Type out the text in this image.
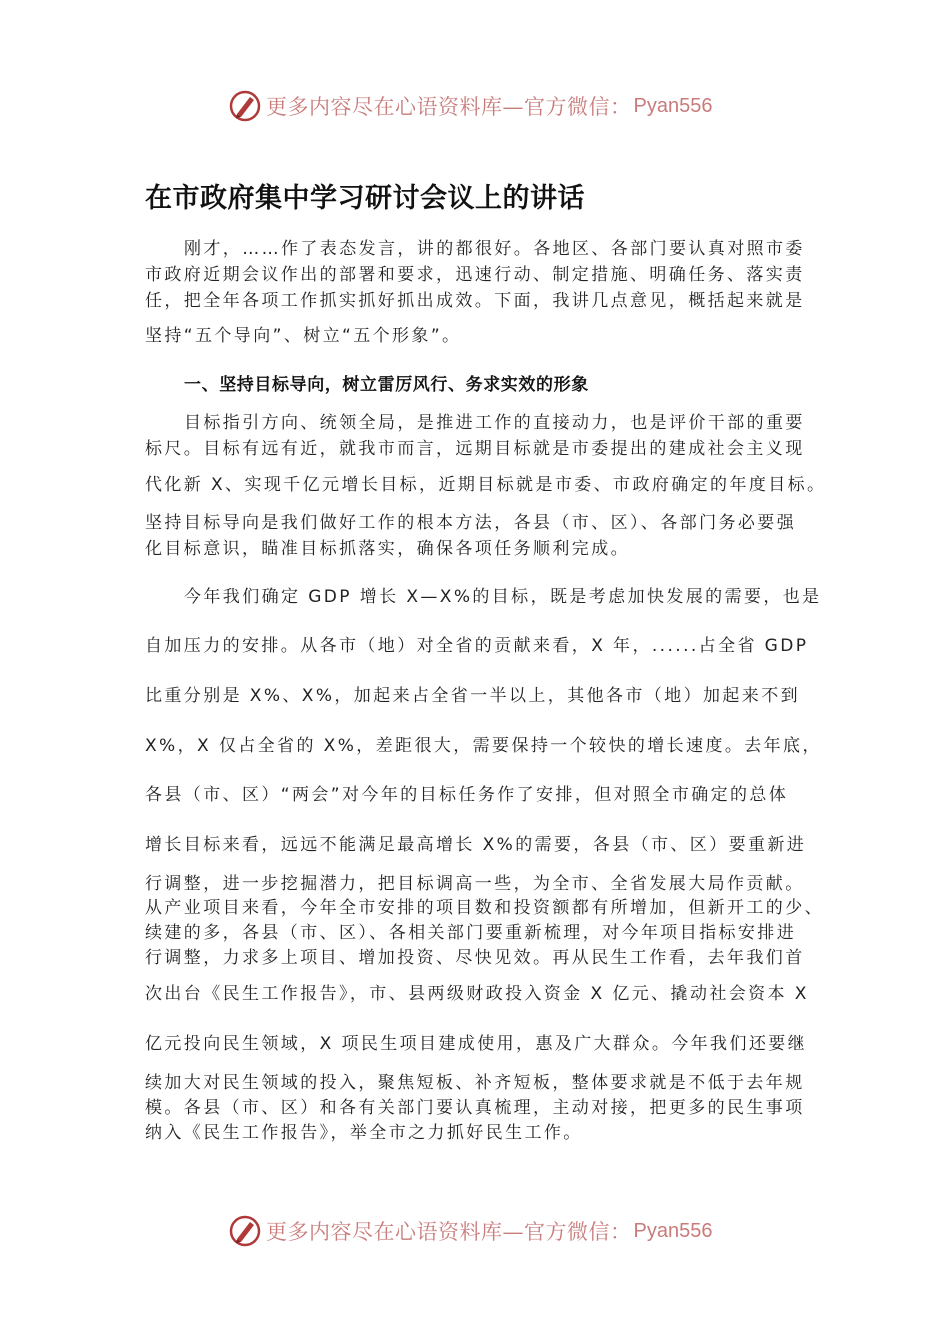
更多内容尽在心语资料库—官方微信： Pyan556
在市政府集中学习研讨会议上的讲话
刚才，……作了表态发言，讲的都很好。各地区、各部门要认真对照市委
市政府近期会议作出的部署和要求，迅速行动、制定措施、明确任务、落实责
任，把全年各项工作抓实抓好抓出成效。下面，我讲几点意见，概括起来就是
坚持“五个导向”、树立“五个形象”。
一、坚持目标导向，树立雷厉风行、务求实效的形象
目标指引方向、统领全局，是推进工作的直接动力，也是评价干部的重要
标尺。目标有远有近，就我市而言，远期目标就是市委提出的建成社会主义现
代化新 X、实现千亿元增长目标，近期目标就是市委、市政府确定的年度目标。
坚持目标导向是我们做好工作的根本方法，各县（市、区）、各部门务必要强
化目标意识，瞄准目标抓落实，确保各项任务顺利完成。
今年我们确定 GDP 增长 X—X%的目标，既是考虑加快发展的需要，也是
自加压力的安排。从各市（地）对全省的贡献来看，X 年，......占全省 GDP
比重分别是 X%、X%，加起来占全省一半以上，其他各市（地）加起来不到
X%，X 仅占全省的 X%，差距很大，需要保持一个较快的增长速度。去年底，
各县（市、区）“两会”对今年的目标任务作了安排，但对照全市确定的总体
增长目标来看，远远不能满足最高增长 X%的需要，各县（市、区）要重新进
行调整，进一步挖掘潜力，把目标调高一些，为全市、全省发展大局作贡献。
从产业项目来看，今年全市安排的项目数和投资额都有所增加，但新开工的少、
续建的多，各县（市、区）、各相关部门要重新梳理，对今年项目指标安排进
行调整，力求多上项目、增加投资、尽快见效。再从民生工作看，去年我们首
次出台《民生工作报告》，市、县两级财政投入资金 X 亿元、撬动社会资本 X
亿元投向民生领域，X 项民生项目建成使用，惠及广大群众。今年我们还要继
续加大对民生领域的投入，聚焦短板、补齐短板，整体要求就是不低于去年规
模。各县（市、区）和各有关部门要认真梳理，主动对接，把更多的民生事项
纳入《民生工作报告》，举全市之力抓好民生工作。
更多内容尽在心语资料库—官方微信： Pyan556
